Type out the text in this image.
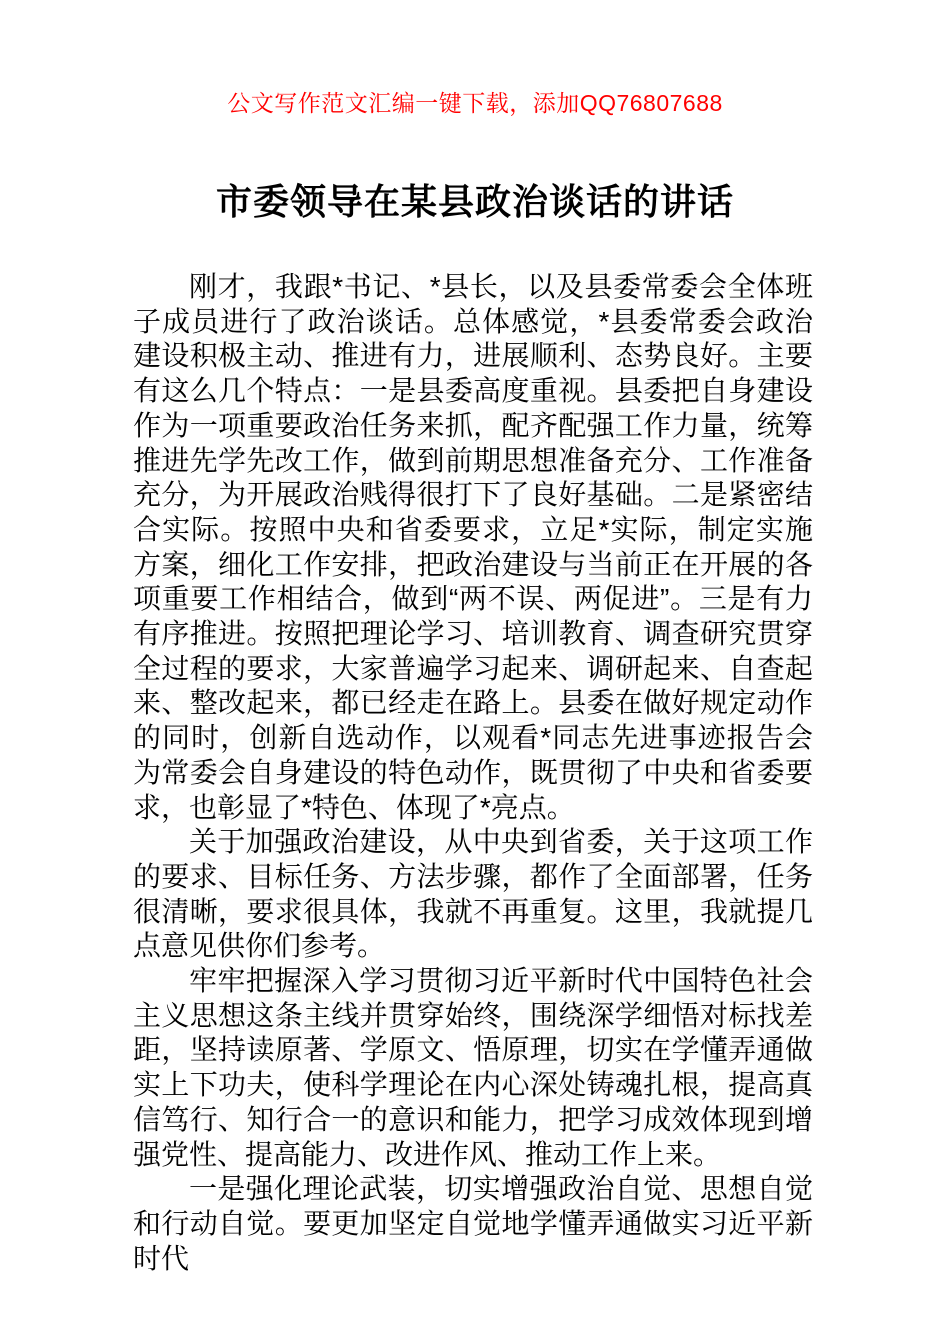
公文写作范文汇编一键下载，添加QQ76807688
市委领导在某县政治谈话的讲话

刚才，我跟*书记、*县长，以及县委常委会全体班子成员进行了政治谈话。总体感觉，*县委常委会政治建设积极主动、推进有力，进展顺利、态势良好。主要有这么几个特点：一是县委高度重视。县委把自身建设作为一项重要政治任务来抓，配齐配强工作力量，统筹推进先学先改工作，做到前期思想准备充分、工作准备充分，为开展政治贱得很打下了良好基础。二是紧密结合实际。按照中央和省委要求，立足*实际，制定实施方案，细化工作安排，把政治建设与当前正在开展的各项重要工作相结合，做到“两不误、两促进”。三是有力有序推进。按照把理论学习、培训教育、调查研究贯穿全过程的要求，大家普遍学习起来、调研起来、自查起来、整改起来，都已经走在路上。县委在做好规定动作的同时，创新自选动作，以观看*同志先进事迹报告会为常委会自身建设的特色动作，既贯彻了中央和省委要求，也彰显了*特色、体现了*亮点。

关于加强政治建设，从中央到省委，关于这项工作的要求、目标任务、方法步骤，都作了全面部署，任务很清晰，要求很具体，我就不再重复。这里，我就提几点意见供你们参考。

牢牢把握深入学习贯彻习近平新时代中国特色社会主义思想这条主线并贯穿始终，围绕深学细悟对标找差距，坚持读原著、学原文、悟原理，切实在学懂弄通做实上下功夫，使科学理论在内心深处铸魂扎根，提高真信笃行、知行合一的意识和能力，把学习成效体现到增强党性、提高能力、改进作风、推动工作上来。

一是强化理论武装，切实增强政治自觉、思想自觉和行动自觉。要更加坚定自觉地学懂弄通做实习近平新时代
